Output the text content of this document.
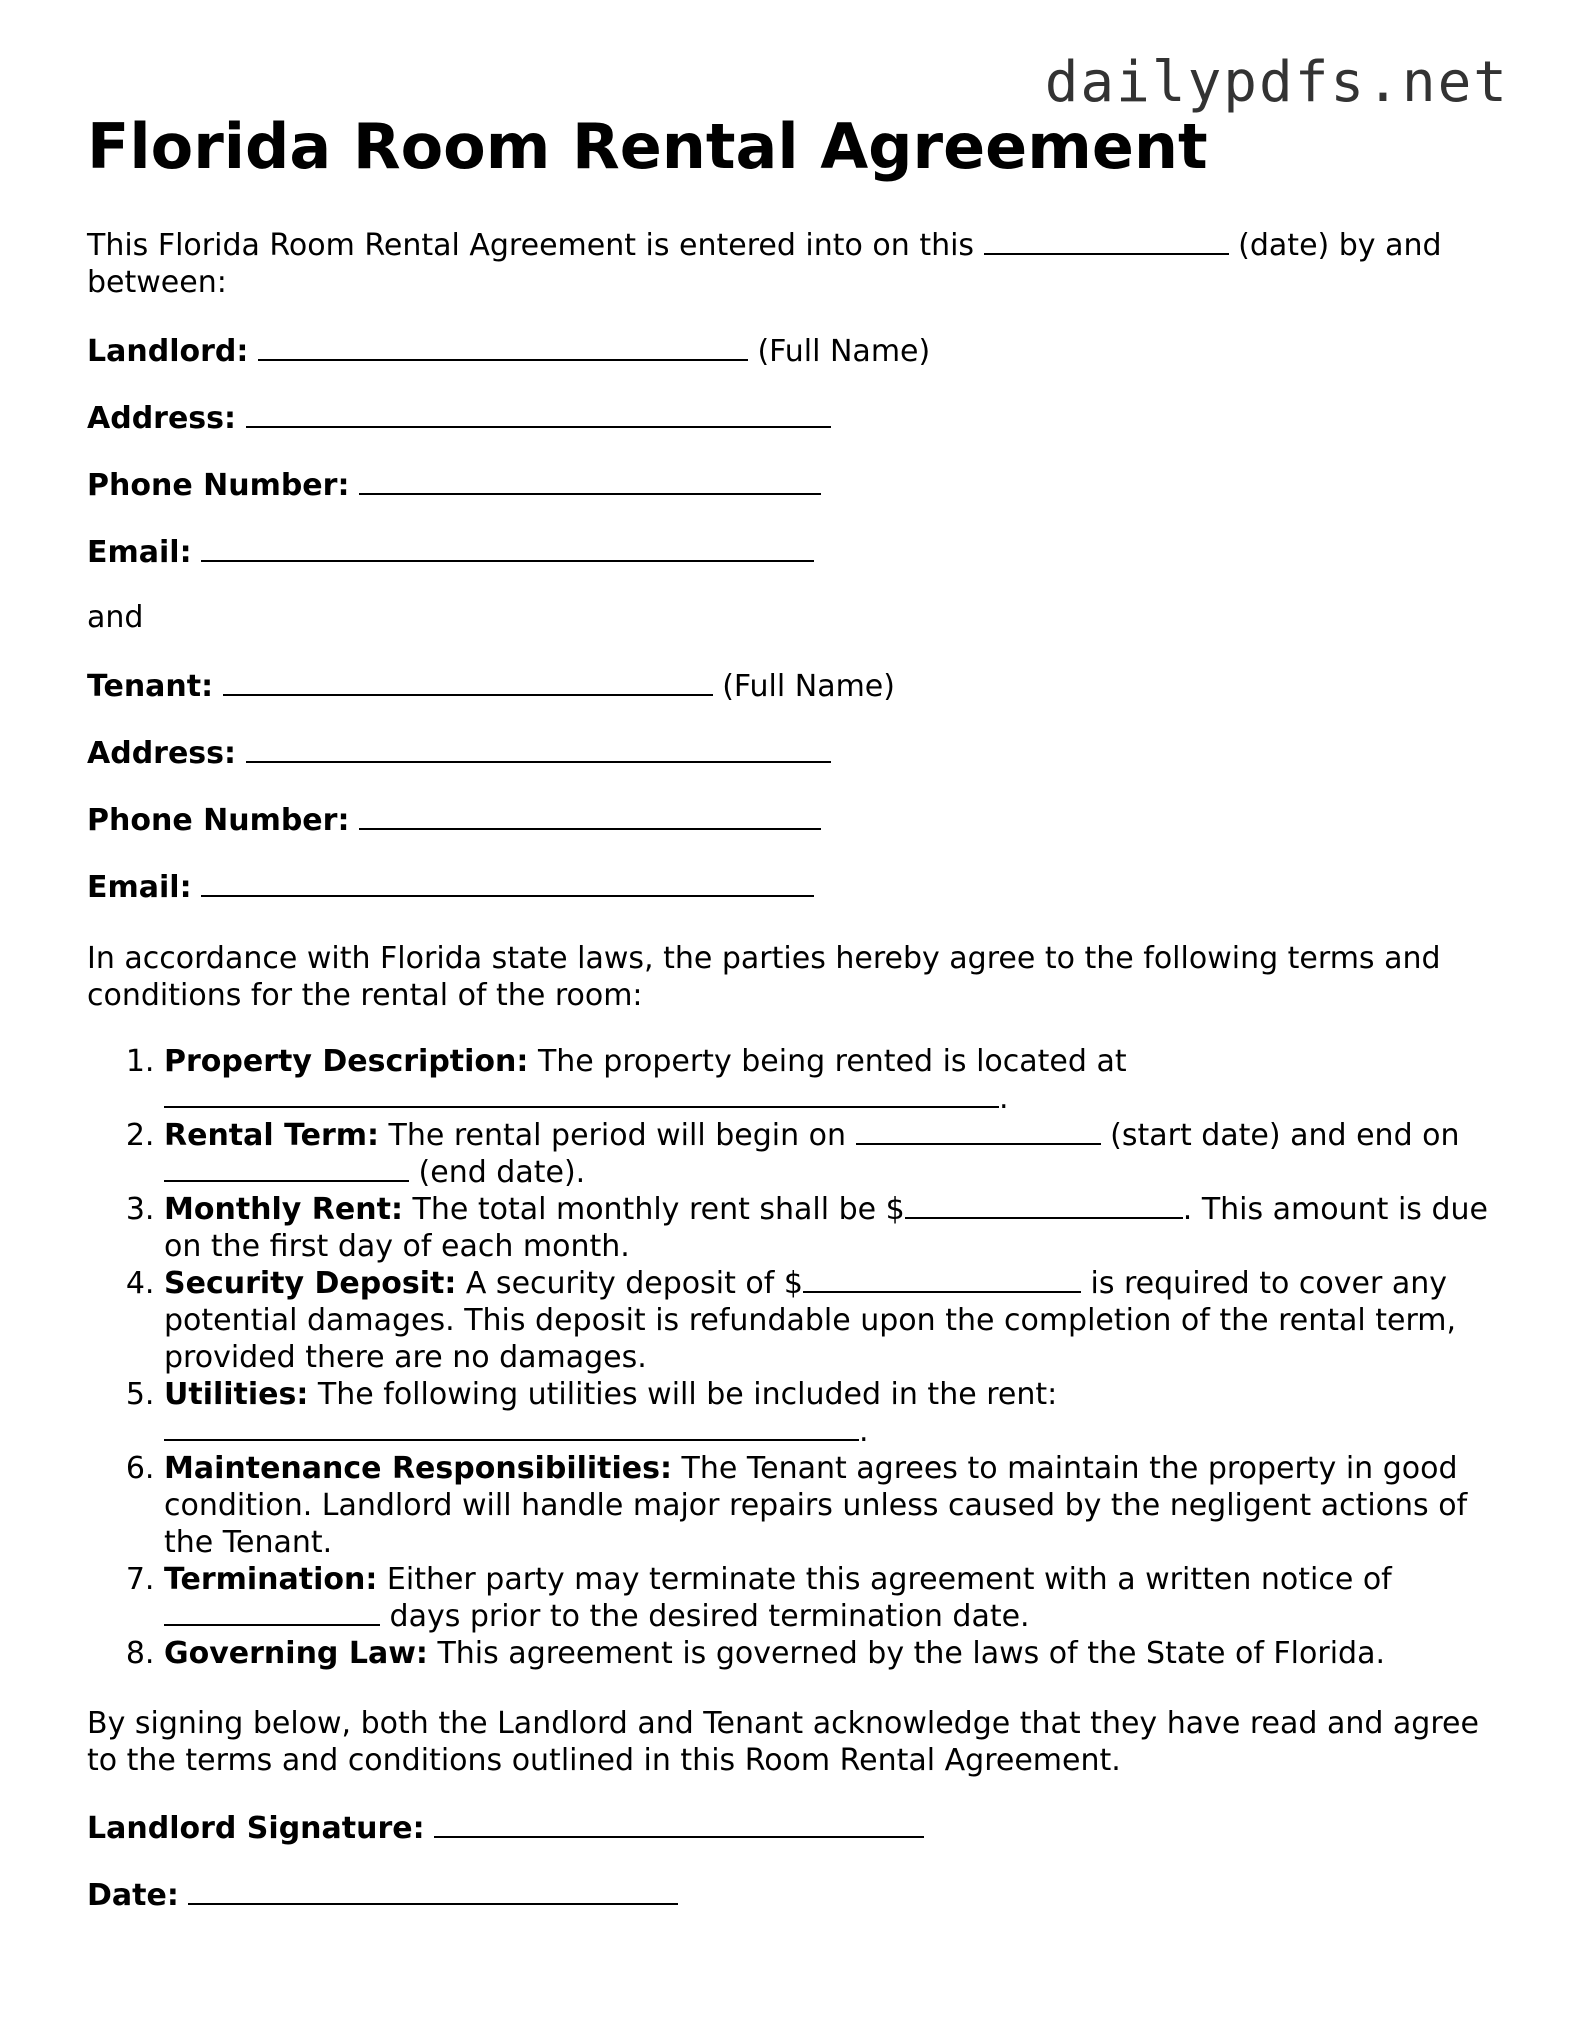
dailypdfs.net
Florida Room Rental Agreement
This Florida Room Rental Agreement is entered into on this	(date) by and between:
Landlord:	(Full Name)
Address:
Phone Number:
Email:
and
Tenant:	(Full Name)
Address:
Phone Number:
Email:
In accordance with Florida state laws, the parties hereby agree to the following terms and conditions for the rental of the room:
1. Property Description: The property being rented is located at
.
2. Rental Term: The rental period will begin on	(start date) and end on  (end date).
3. Monthly Rent: The total monthly rent shall be $	. This amount is due on the first day of each month.
4. Security Deposit: A security deposit of $	is required to cover any potential damages. This deposit is refundable upon the completion of the rental term, provided there are no damages.
5. Utilities: The following utilities will be included in the rent:
.
6. Maintenance Responsibilities: The Tenant agrees to maintain the property in good condition. Landlord will handle major repairs unless caused by the negligent actions of the Tenant.
7. Termination: Either party may terminate this agreement with a written notice of
days prior to the desired termination date.
8. Governing Law: This agreement is governed by the laws of the State of Florida.
By signing below, both the Landlord and Tenant acknowledge that they have read and agree to the terms and conditions outlined in this Room Rental Agreement.
Landlord Signature:
Date:
